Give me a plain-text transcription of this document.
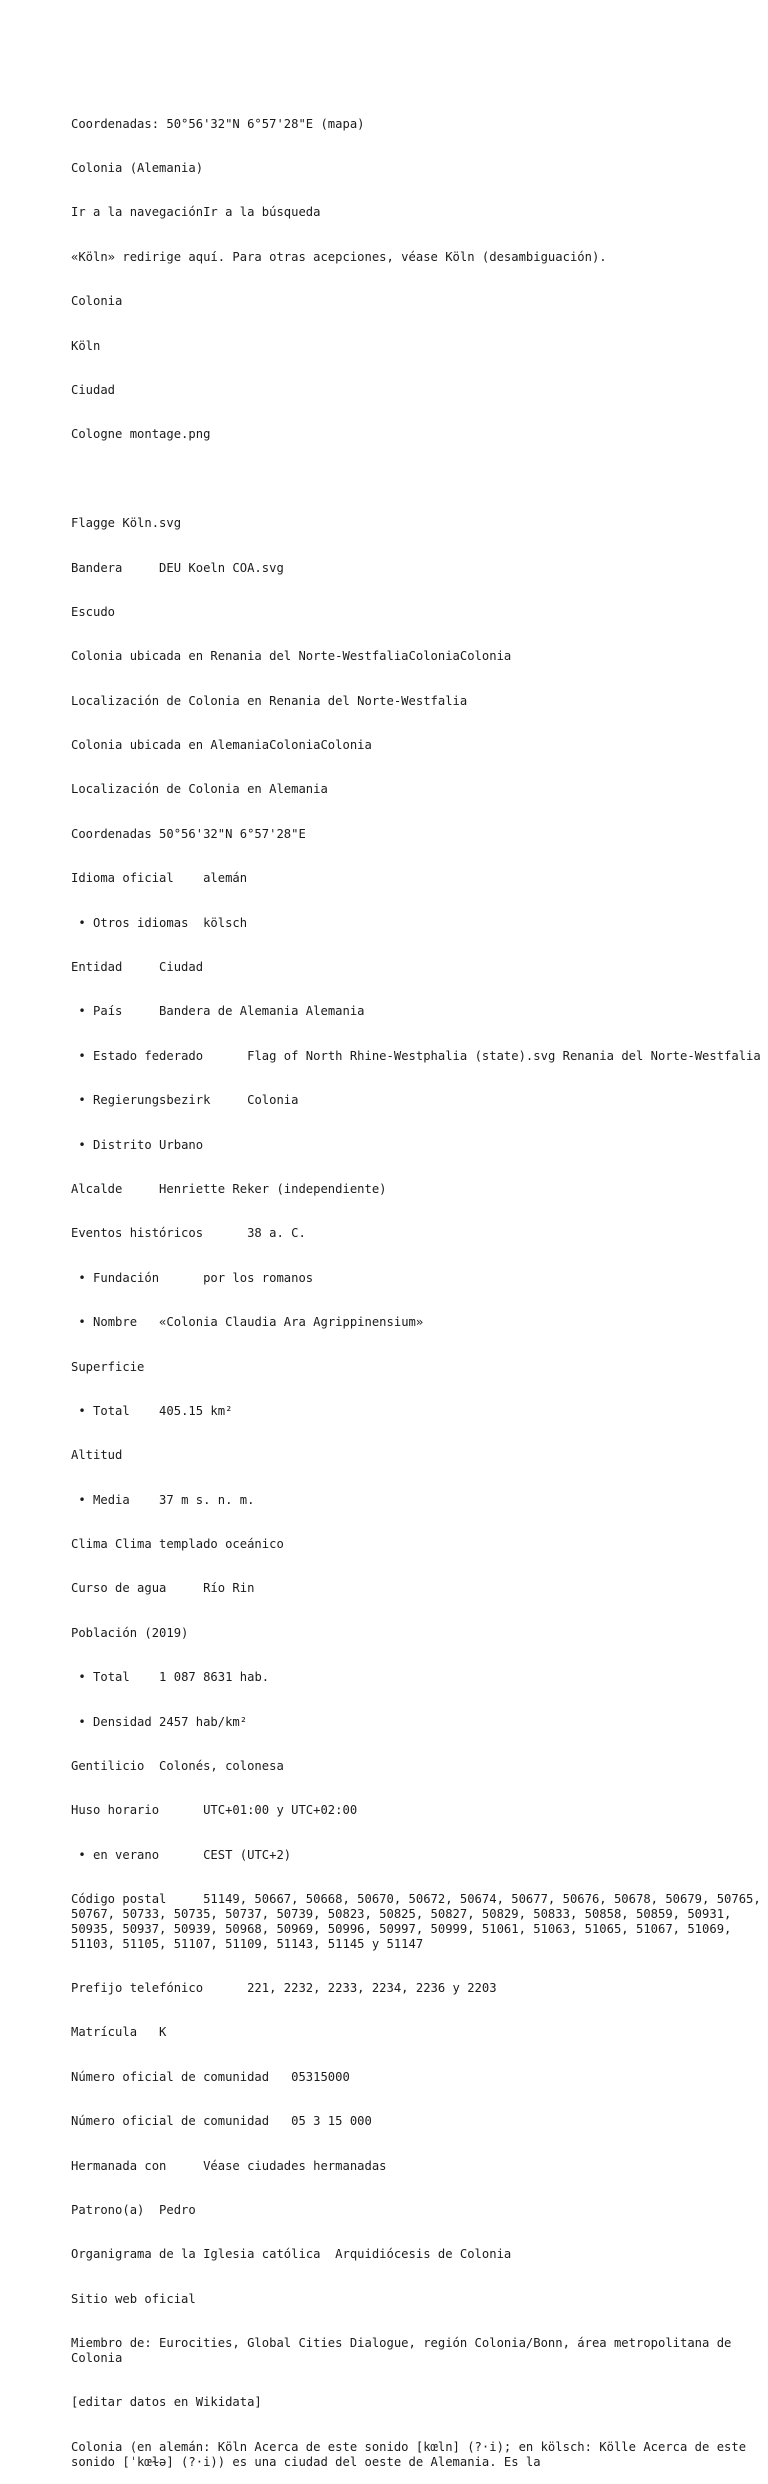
Coordenadas: 50°56'32"N 6°57'28"E (mapa)

Colonia (Alemania)

Ir a la navegaciónIr a la búsqueda

«Köln» redirige aquí. Para otras acepciones, véase Köln (desambiguación).

Colonia

Köln

Ciudad

Cologne montage.png

Flagge Köln.svg

Bandera     DEU Koeln COA.svg

Escudo

Colonia ubicada en Renania del Norte-WestfaliaColoniaColonia

Localización de Colonia en Renania del Norte-Westfalia

Colonia ubicada en AlemaniaColoniaColonia

Localización de Colonia en Alemania

Coordenadas 50°56'32"N 6°57'28"E

Idioma oficial    alemán

• Otros idiomas  kölsch

Entidad     Ciudad

• País     Bandera de Alemania Alemania

• Estado federado      Flag of North Rhine-Westphalia (state).svg Renania del Norte-Westfalia

• Regierungsbezirk     Colonia

• Distrito Urbano

Alcalde     Henriette Reker (independiente)

Eventos históricos      38 a. C.

• Fundación      por los romanos

• Nombre   «Colonia Claudia Ara Agrippinensium»

Superficie

• Total    405.15 km²

Altitud

• Media    37 m s. n. m.

Clima Clima templado oceánico

Curso de agua     Río Rin

Población (2019)

• Total    1 087 8631 hab.

• Densidad 2457 hab/km²

Gentilicio  Colonés, colonesa

Huso horario      UTC+01:00 y UTC+02:00

• en verano      CEST (UTC+2)

Código postal     51149, 50667, 50668, 50670, 50672, 50674, 50677, 50676, 50678, 50679, 50765, 50767, 50733, 50735, 50737, 50739, 50823, 50825, 50827, 50829, 50833, 50858, 50859, 50931, 50935, 50937, 50939, 50968, 50969, 50996, 50997, 50999, 51061, 51063, 51065, 51067, 51069, 51103, 51105, 51107, 51109, 51143, 51145 y 51147

Prefijo telefónico      221, 2232, 2233, 2234, 2236 y 2203

Matrícula   K

Número oficial de comunidad   05315000

Número oficial de comunidad   05 3 15 000

Hermanada con     Véase ciudades hermanadas

Patrono(a)  Pedro

Organigrama de la Iglesia católica  Arquidiócesis de Colonia

Sitio web oficial

Miembro de: Eurocities, Global Cities Dialogue, región Colonia/Bonn, área metropolitana de Colonia

[editar datos en Wikidata]

Colonia (en alemán: Köln Acerca de este sonido [kœln] (?·i); en kölsch: Kölle Acerca de este sonido [ˈkœɫə] (?·i)) es una ciudad del oeste de Alemania. Es la
